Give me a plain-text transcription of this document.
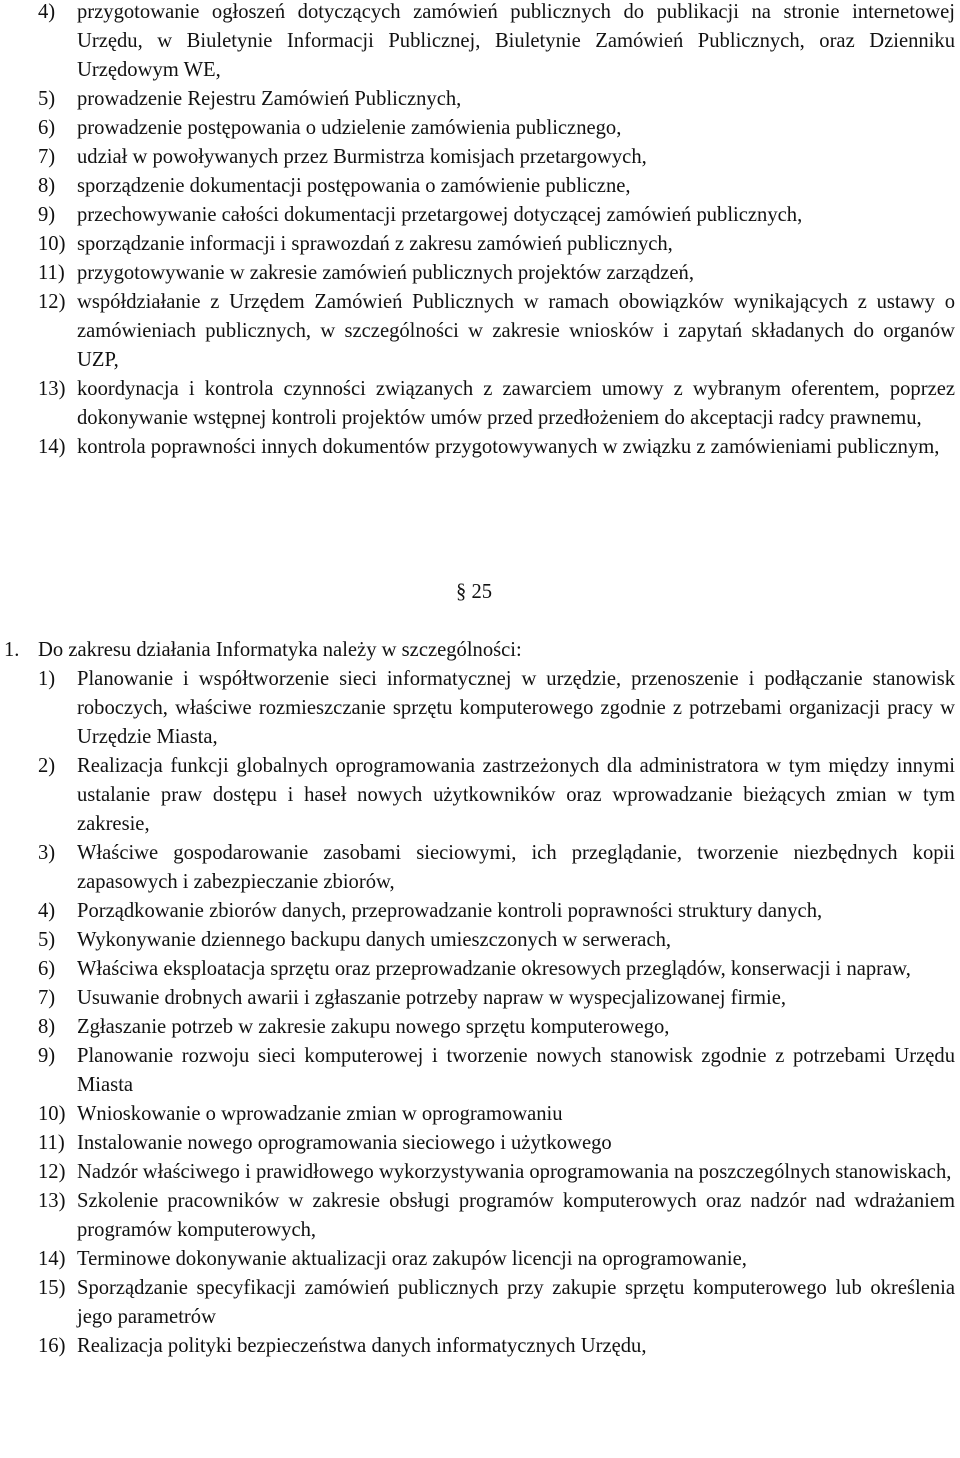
4) przygotowanie ogłoszeń dotyczących zamówień publicznych do publikacji na stronie internetowej Urzędu, w Biuletynie Informacji Publicznej, Biuletynie Zamówień Publicznych, oraz Dzienniku Urzędowym WE,
5) prowadzenie Rejestru Zamówień Publicznych,
6) prowadzenie postępowania o udzielenie zamówienia publicznego,
7) udział w powoływanych przez Burmistrza komisjach przetargowych,
8) sporządzenie dokumentacji postępowania o zamówienie publiczne,
9) przechowywanie całości dokumentacji przetargowej dotyczącej zamówień publicznych,
10) sporządzanie informacji i sprawozdań z zakresu zamówień publicznych,
11) przygotowywanie w zakresie zamówień publicznych projektów zarządzeń,
12) współdziałanie z Urzędem Zamówień Publicznych w ramach obowiązków wynikających z ustawy o zamówieniach publicznych, w szczególności w zakresie wniosków i zapytań składanych do organów UZP,
13) koordynacja i kontrola czynności związanych z zawarciem umowy z wybranym oferentem, poprzez dokonywanie wstępnej kontroli projektów umów przed przedłożeniem do akceptacji radcy prawnemu,
14) kontrola poprawności innych dokumentów przygotowywanych w związku z zamówieniami publicznym,
§ 25

1. Do zakresu działania Informatyka należy w szczególności:

1) Planowanie i współtworzenie sieci informatycznej w urzędzie, przenoszenie i podłączanie stanowisk roboczych, właściwe rozmieszczanie sprzętu komputerowego zgodnie z potrzebami organizacji pracy w Urzędzie Miasta,
2) Realizacja funkcji globalnych oprogramowania zastrzeżonych dla administratora w tym między innymi ustalanie praw dostępu i haseł nowych użytkowników oraz wprowadzanie bieżących zmian w tym zakresie,
3) Właściwe gospodarowanie zasobami sieciowymi, ich przeglądanie, tworzenie niezbędnych kopii zapasowych i zabezpieczanie zbiorów,
4) Porządkowanie zbiorów danych, przeprowadzanie kontroli poprawności struktury danych,
5) Wykonywanie dziennego backupu danych umieszczonych w serwerach,
6) Właściwa eksploatacja sprzętu oraz przeprowadzanie okresowych przeglądów, konserwacji i napraw,
7) Usuwanie drobnych awarii i zgłaszanie potrzeby napraw w wyspecjalizowanej firmie,
8) Zgłaszanie potrzeb w zakresie zakupu nowego sprzętu komputerowego,
9) Planowanie rozwoju sieci komputerowej i tworzenie nowych stanowisk zgodnie z potrzebami Urzędu Miasta
10) Wnioskowanie o wprowadzanie zmian w oprogramowaniu
11) Instalowanie nowego oprogramowania sieciowego i użytkowego
12) Nadzór właściwego i prawidłowego wykorzystywania oprogramowania na poszczególnych stanowiskach,
13) Szkolenie pracowników w zakresie obsługi programów komputerowych oraz nadzór nad wdrażaniem programów komputerowych,
14) Terminowe dokonywanie aktualizacji oraz zakupów licencji na oprogramowanie,
15) Sporządzanie specyfikacji zamówień publicznych przy zakupie sprzętu komputerowego lub określenia jego parametrów
16) Realizacja polityki bezpieczeństwa danych informatycznych Urzędu,
